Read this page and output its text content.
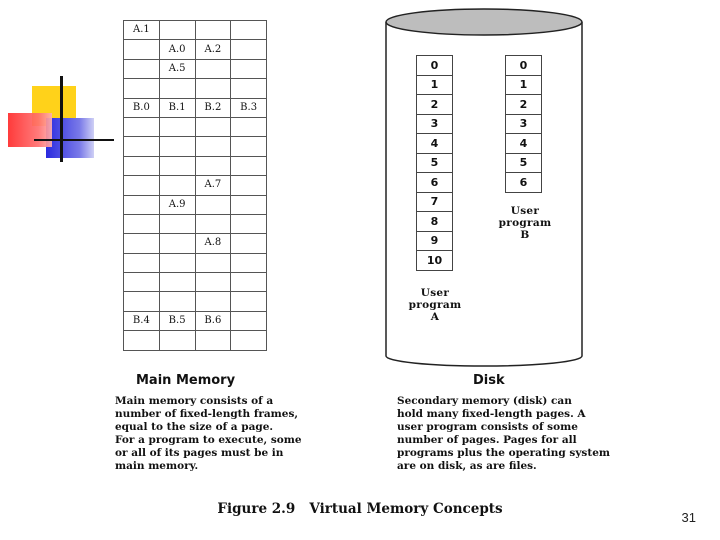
A.1			
	A.0	A.2	
	A.5		

B.0	B.1	B.2	B.3

		A.7	
	A.9		

		A.8	

B.4	B.5	B.6	

Main Memory
Main memory consists of a
number of fixed-length frames,
equal to the size of a page.
For a program to execute, some
or all of its pages must be in
main memory.
0
1
2
3
4
5
6
7
8
9
10
0
1
2
3
4
5
6
User
program
A
User
program
B
Disk
Secondary memory (disk) can
hold many fixed-length pages. A
user program consists of some
number of pages. Pages for all
programs plus the operating system
are on disk, as are files.
Figure 2.9   Virtual Memory Concepts
31
